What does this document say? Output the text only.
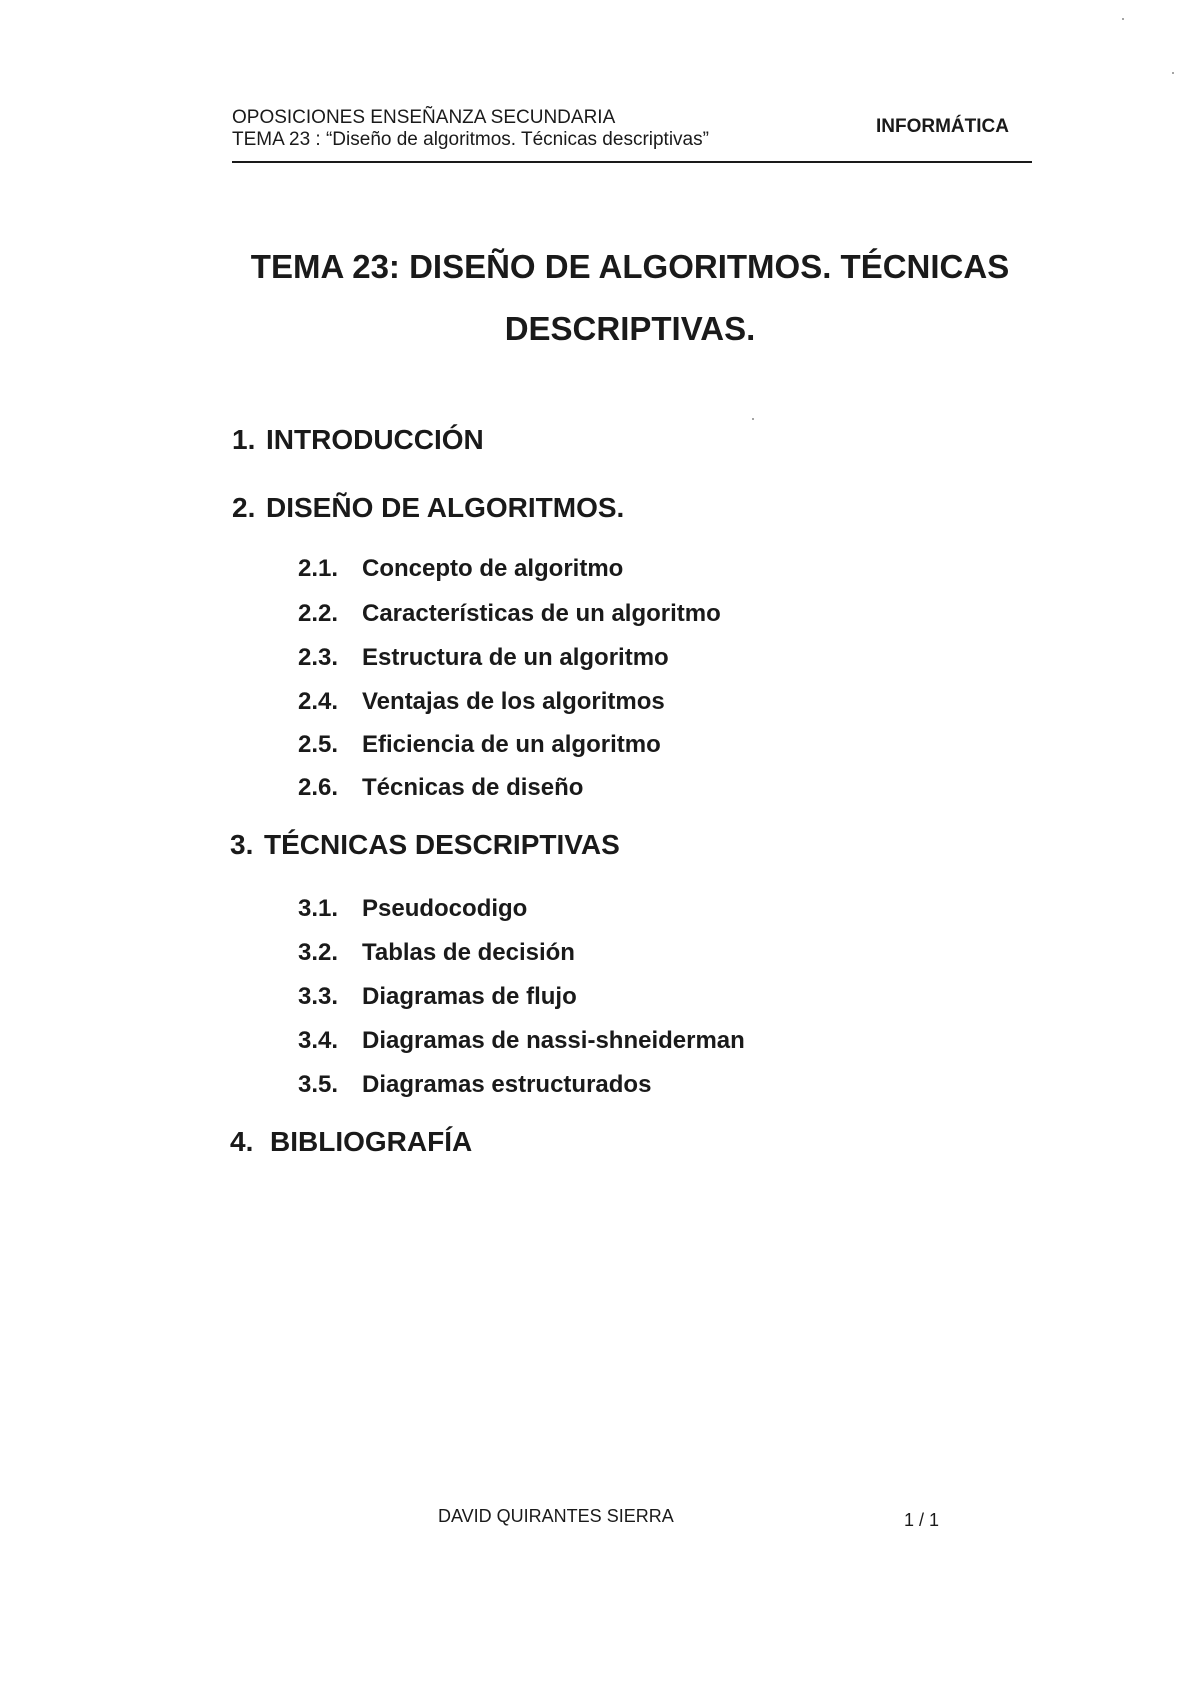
OPOSICIONES ENSEÑANZA SECUNDARIA
TEMA 23 : “Diseño de algoritmos. Técnicas descriptivas”
INFORMÁTICA
TEMA 23: DISEÑO DE ALGORITMOS. TÉCNICAS
DESCRIPTIVAS.
1. INTRODUCCIÓN
2. DISEÑO DE ALGORITMOS.
2.1. Concepto de algoritmo
2.2. Características de un algoritmo
2.3. Estructura de un algoritmo
2.4. Ventajas de los algoritmos
2.5. Eficiencia de un algoritmo
2.6. Técnicas de diseño
3. TÉCNICAS DESCRIPTIVAS
3.1. Pseudocodigo
3.2. Tablas de decisión
3.3. Diagramas de flujo
3.4. Diagramas de nassi-shneiderman
3.5. Diagramas estructurados
4. BIBLIOGRAFÍA
DAVID QUIRANTES SIERRA	1 / 1
